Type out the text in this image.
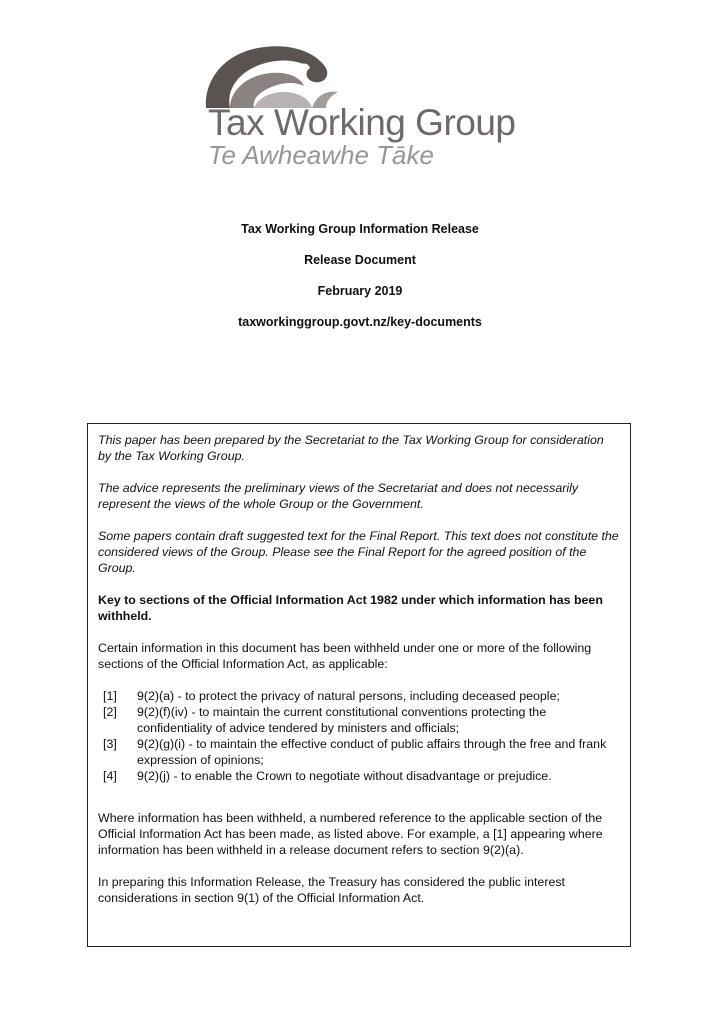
Tax Working Group
Te Awheawhe Tāke
Tax Working Group Information Release
Release Document
February 2019
taxworkinggroup.govt.nz/key-documents

This paper has been prepared by the Secretariat to the Tax Working Group for consideration by the Tax Working Group.

The advice represents the preliminary views of the Secretariat and does not necessarily represent the views of the whole Group or the Government.

Some papers contain draft suggested text for the Final Report. This text does not constitute the considered views of the Group. Please see the Final Report for the agreed position of the Group.

Key to sections of the Official Information Act 1982 under which information has been withheld.

Certain information in this document has been withheld under one or more of the following sections of the Official Information Act, as applicable:

[1]	9(2)(a) - to protect the privacy of natural persons, including deceased people;
[2]	9(2)(f)(iv) - to maintain the current constitutional conventions protecting the confidentiality of advice tendered by ministers and officials;
[3]	9(2)(g)(i) - to maintain the effective conduct of public affairs through the free and frank expression of opinions;
[4]	9(2)(j) - to enable the Crown to negotiate without disadvantage or prejudice.

Where information has been withheld, a numbered reference to the applicable section of the Official Information Act has been made, as listed above. For example, a [1] appearing where information has been withheld in a release document refers to section 9(2)(a).

In preparing this Information Release, the Treasury has considered the public interest considerations in section 9(1) of the Official Information Act.
